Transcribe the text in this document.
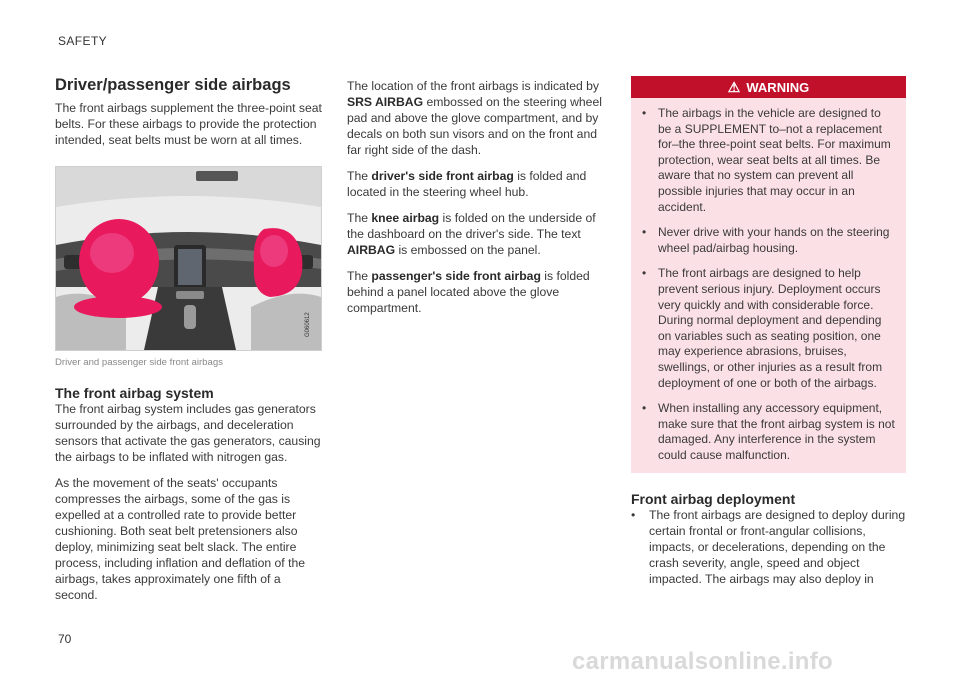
SAFETY
Driver/passenger side airbags

The front airbags supplement the three-point seat belts. For these airbags to provide the protection intended, seat belts must be worn at all times.

G060612
Driver and passenger side front airbags
The front airbag system

The front airbag system includes gas generators surrounded by the airbags, and deceleration sensors that activate the gas generators, causing the airbags to be inflated with nitrogen gas.

As the movement of the seats' occupants compresses the airbags, some of the gas is expelled at a controlled rate to provide better cushioning. Both seat belt pretensioners also deploy, minimizing seat belt slack. The entire process, including inflation and deflation of the airbags, takes approximately one fifth of a second.

The location of the front airbags is indicated by SRS AIRBAG embossed on the steering wheel pad and above the glove compartment, and by decals on both sun visors and on the front and far right side of the dash.

The driver's side front airbag is folded and located in the steering wheel hub.

The knee airbag is folded on the underside of the dashboard on the driver's side. The text AIRBAG is embossed on the panel.

The passenger's side front airbag is folded behind a panel located above the glove compartment.

⚠ WARNING
• The airbags in the vehicle are designed to be a SUPPLEMENT to–not a replacement for–the three-point seat belts. For maximum protection, wear seat belts at all times. Be aware that no system can prevent all possible injuries that may occur in an accident.
• Never drive with your hands on the steering wheel pad/airbag housing.
• The front airbags are designed to help prevent serious injury. Deployment occurs very quickly and with considerable force. During normal deployment and depending on variables such as seating position, one may experience abrasions, bruises, swellings, or other injuries as a result from deployment of one or both of the airbags.
• When installing any accessory equipment, make sure that the front airbag system is not damaged. Any interference in the system could cause malfunction.
Front airbag deployment
•	The front airbags are designed to deploy during certain frontal or front-angular collisions, impacts, or decelerations, depending on the crash severity, angle, speed and object impacted. The airbags may also deploy in
70
carmanualsonline.info
